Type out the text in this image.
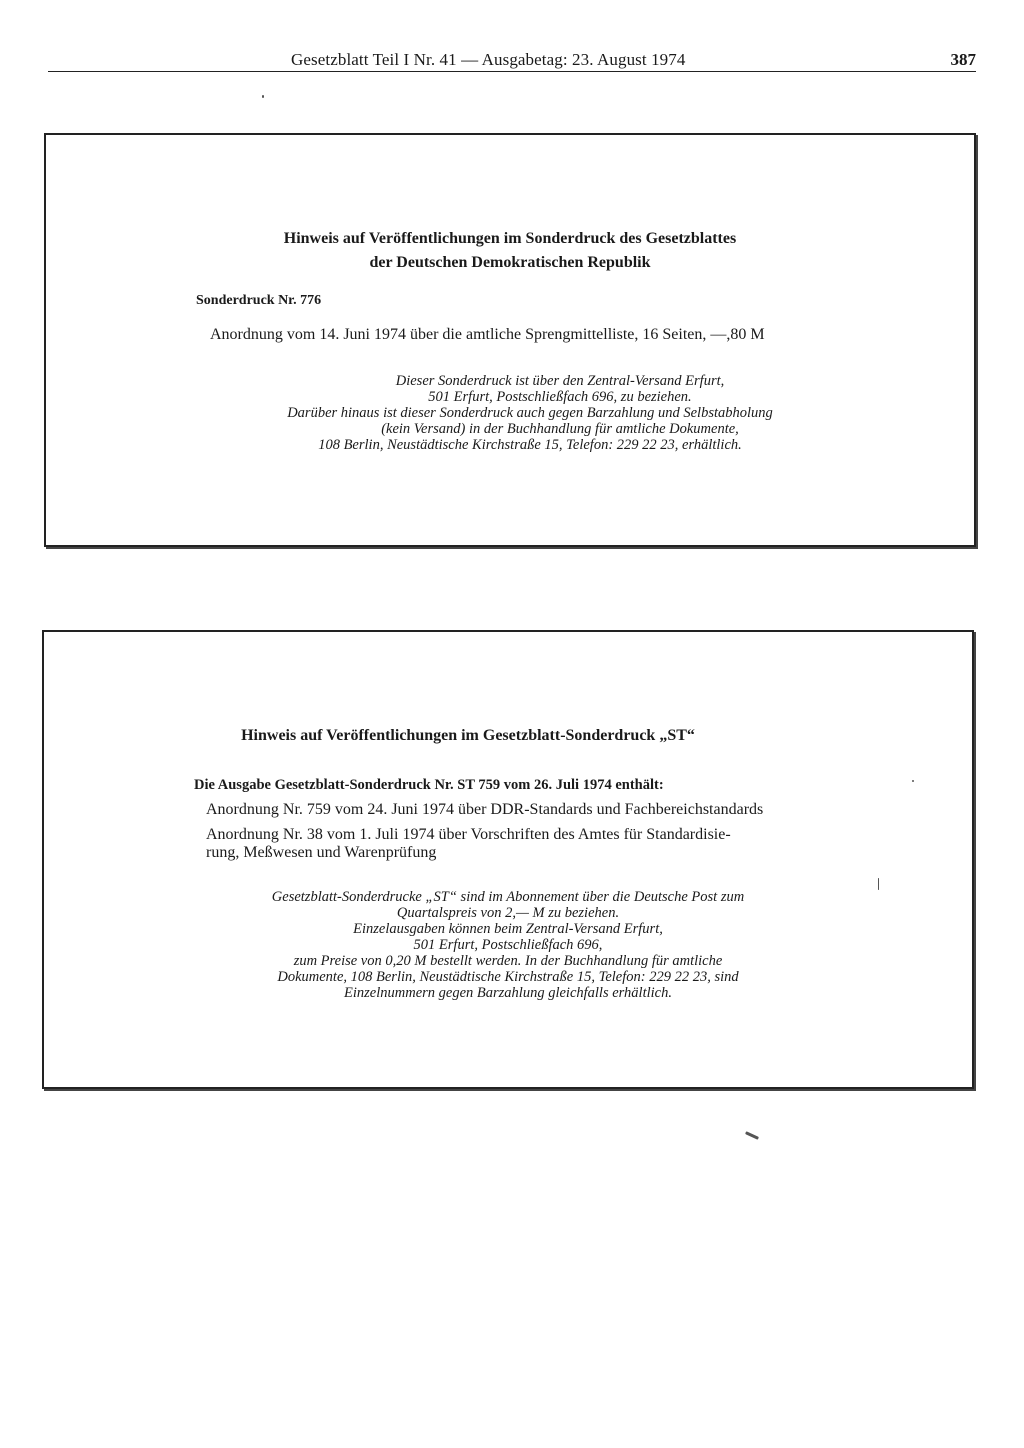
Gesetzblatt Teil I Nr. 41 — Ausgabetag: 23. August 1974	387
Hinweis auf Veröffentlichungen im Sonderdruck des Gesetzblattes
der Deutschen Demokratischen Republik
Sonderdruck Nr. 776
Anordnung vom 14. Juni 1974 über die amtliche Sprengmittelliste, 16 Seiten, —,80 M
Dieser Sonderdruck ist über den Zentral-Versand Erfurt,
501 Erfurt, Postschließfach 696, zu beziehen.
Darüber hinaus ist dieser Sonderdruck auch gegen Barzahlung und Selbstabholung
(kein Versand) in der Buchhandlung für amtliche Dokumente,
108 Berlin, Neustädtische Kirchstraße 15, Telefon: 229 22 23, erhältlich.
Hinweis auf Veröffentlichungen im Gesetzblatt-Sonderdruck „ST“
Die Ausgabe Gesetzblatt-Sonderdruck Nr. ST 759 vom 26. Juli 1974 enthält:
Anordnung Nr. 759 vom 24. Juni 1974 über DDR-Standards und Fachbereichstandards
Anordnung Nr. 38 vom 1. Juli 1974 über Vorschriften des Amtes für Standardisie-
rung, Meßwesen und Warenprüfung
Gesetzblatt-Sonderdrucke „ST“ sind im Abonnement über die Deutsche Post zum
Quartalspreis von 2,— M zu beziehen.
Einzelausgaben können beim Zentral-Versand Erfurt,
501 Erfurt, Postschließfach 696,
zum Preise von 0,20 M bestellt werden. In der Buchhandlung für amtliche
Dokumente, 108 Berlin, Neustädtische Kirchstraße 15, Telefon: 229 22 23, sind
Einzelnummern gegen Barzahlung gleichfalls erhältlich.
